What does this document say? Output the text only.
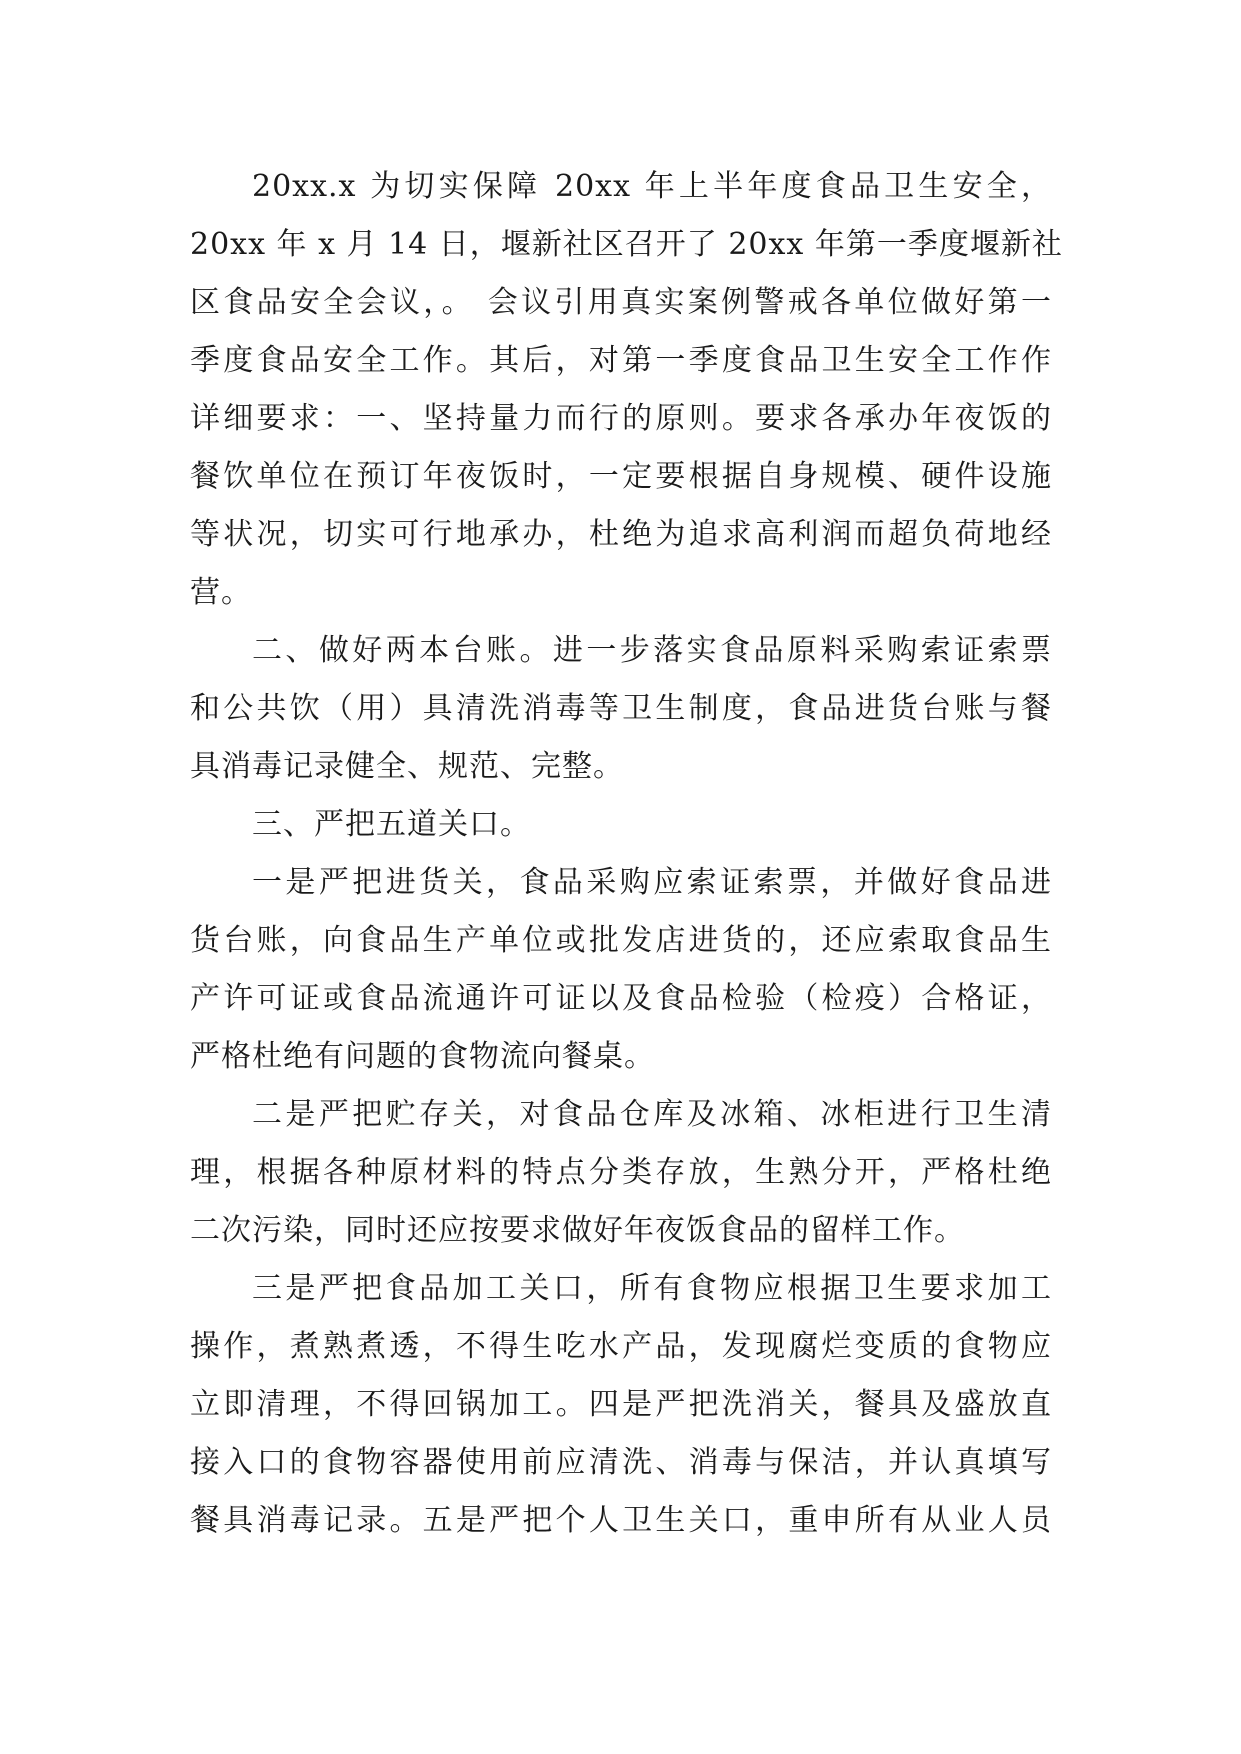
20xx.x 为切实保障 20xx 年上半年度食品卫生安全，
20xx 年 x 月 14 日，堰新社区召开了 20xx 年第一季度堰新社
区食品安全会议，。 会议引用真实案例警戒各单位做好第一
季度食品安全工作。其后，对第一季度食品卫生安全工作作
详细要求：一、坚持量力而行的原则。要求各承办年夜饭的
餐饮单位在预订年夜饭时，一定要根据自身规模、硬件设施
等状况，切实可行地承办，杜绝为追求高利润而超负荷地经
营。
二、做好两本台账。进一步落实食品原料采购索证索票
和公共饮（用）具清洗消毒等卫生制度，食品进货台账与餐
具消毒记录健全、规范、完整。
三、严把五道关口。
一是严把进货关，食品采购应索证索票，并做好食品进
货台账，向食品生产单位或批发店进货的，还应索取食品生
产许可证或食品流通许可证以及食品检验（检疫）合格证，
严格杜绝有问题的食物流向餐桌。
二是严把贮存关，对食品仓库及冰箱、冰柜进行卫生清
理，根据各种原材料的特点分类存放，生熟分开，严格杜绝
二次污染，同时还应按要求做好年夜饭食品的留样工作。
三是严把食品加工关口，所有食物应根据卫生要求加工
操作，煮熟煮透，不得生吃水产品，发现腐烂变质的食物应
立即清理，不得回锅加工。四是严把洗消关，餐具及盛放直
接入口的食物容器使用前应清洗、消毒与保洁，并认真填写
餐具消毒记录。五是严把个人卫生关口，重申所有从业人员
